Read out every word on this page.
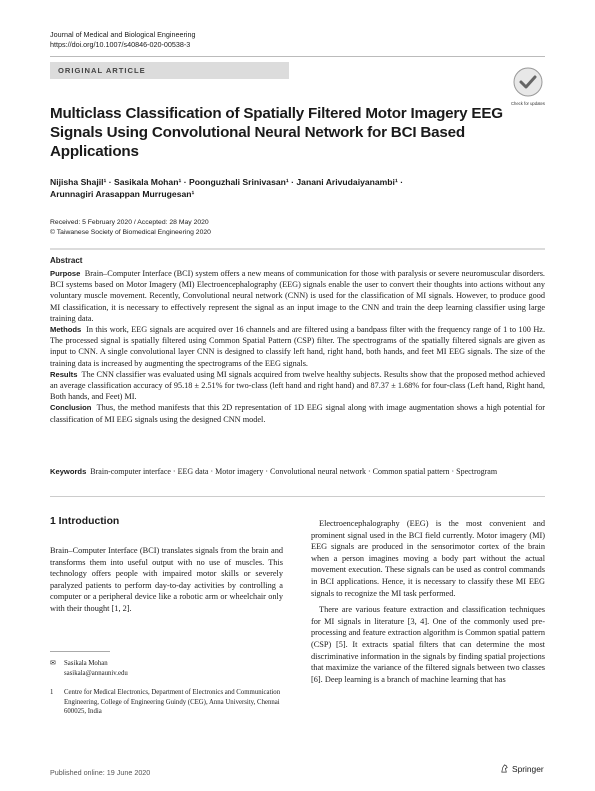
Journal of Medical and Biological Engineering
https://doi.org/10.1007/s40846-020-00538-3
ORIGINAL ARTICLE
Check for updates
Multiclass Classification of Spatially Filtered Motor Imagery EEG Signals Using Convolutional Neural Network for BCI Based Applications
Nijisha Shajil¹ · Sasikala Mohan¹ · Poonguzhali Srinivasan¹ · Janani Arivudaiyanambi¹ ·
Arunnagiri Arasappan Murrugesan¹
Received: 5 February 2020 / Accepted: 28 May 2020
© Taiwanese Society of Biomedical Engineering 2020
Abstract

Purpose Brain–Computer Interface (BCI) system offers a new means of communication for those with paralysis or severe neuromuscular disorders. BCI systems based on Motor Imagery (MI) Electroencephalography (EEG) signals enable the user to convert their thoughts into actions without any voluntary muscle movement. Recently, Convolutional neural network (CNN) is used for the classification of MI signals. However, to produce good MI classification, it is necessary to effectively represent the signal as an input image to the CNN and train the deep learning classifier using large training data.

Methods In this work, EEG signals are acquired over 16 channels and are filtered using a bandpass filter with the frequency range of 1 to 100 Hz. The processed signal is spatially filtered using Common Spatial Pattern (CSP) filter. The spectrograms of the spatially filtered signals are given as input to CNN. A single convolutional layer CNN is designed to classify left hand, right hand, both hands, and feet MI EEG signals. The size of the training data is increased by augmenting the spectrograms of the EEG signals.

Results The CNN classifier was evaluated using MI signals acquired from twelve healthy subjects. Results show that the proposed method achieved an average classification accuracy of 95.18 ± 2.51% for two-class (left hand and right hand) and 87.37 ± 1.68% for four-class (Left hand, Right hand, Both hands, and Feet) MI.

Conclusion Thus, the method manifests that this 2D representation of 1D EEG signal along with image augmentation shows a high potential for classification of MI EEG signals using the designed CNN model.

Keywords Brain-computer interface · EEG data · Motor imagery · Convolutional neural network · Common spatial pattern · Spectrogram
1 Introduction
Brain–Computer Interface (BCI) translates signals from the brain and transforms them into useful output with no use of muscles. This technology offers people with impaired motor skills or severely paralyzed patients to perform day-to-day activities by controlling a computer or a peripheral device like a robotic arm or wheelchair only with their thought [1, 2].

Electroencephalography (EEG) is the most convenient and prominent signal used in the BCI field currently. Motor imagery (MI) EEG signals are produced in the sensorimotor cortex of the brain when a person imagines moving a body part without the actual movement execution. These signals can be used as control commands in BCI applications. Hence, it is necessary to classify these MI EEG signals to recognize the MI task performed.

There are various feature extraction and classification techniques for MI signals in literature [3, 4]. One of the commonly used pre-processing and feature extraction algorithm is Common spatial pattern (CSP) [5]. It extracts spatial filters that can determine the most discriminative information in the signals by finding spatial projections that maximize the variance of the filtered signals between two classes [6]. Deep learning is a branch of machine learning that has

✉ Sasikala Mohan
sasikala@annauniv.edu
1 Centre for Medical Electronics, Department of Electronics and Communication Engineering, College of Engineering Guindy (CEG), Anna University, Chennai 600025, India
Published online: 19 June 2020	Springer
